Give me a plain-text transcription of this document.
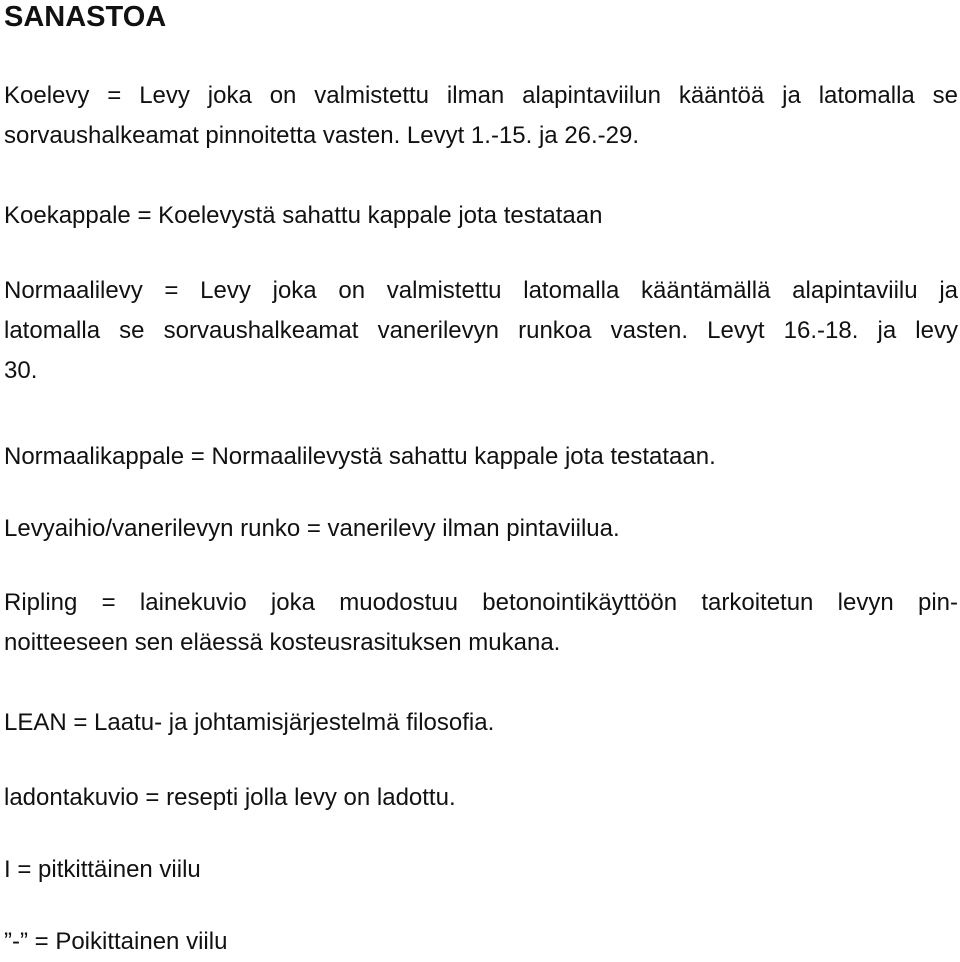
SANASTOA
Koelevy = Levy joka on valmistettu ilman alapintaviilun kääntöä ja latomalla se
sorvaushalkeamat pinnoitetta vasten. Levyt 1.-15. ja 26.-29.
Koekappale = Koelevystä sahattu kappale jota testataan
Normaalilevy = Levy joka on valmistettu latomalla kääntämällä alapintaviilu ja
latomalla se sorvaushalkeamat vanerilevyn runkoa vasten. Levyt 16.-18. ja levy
30.
Normaalikappale = Normaalilevystä sahattu kappale jota testataan.
Levyaihio/vanerilevyn runko = vanerilevy ilman pintaviilua.
Ripling = lainekuvio joka muodostuu betonointikäyttöön tarkoitetun levyn pin-
noitteeseen sen eläessä kosteusrasituksen mukana.
LEAN = Laatu- ja johtamisjärjestelmä filosofia.
ladontakuvio = resepti jolla levy on ladottu.
I = pitkittäinen viilu
”-” = Poikittainen viilu
